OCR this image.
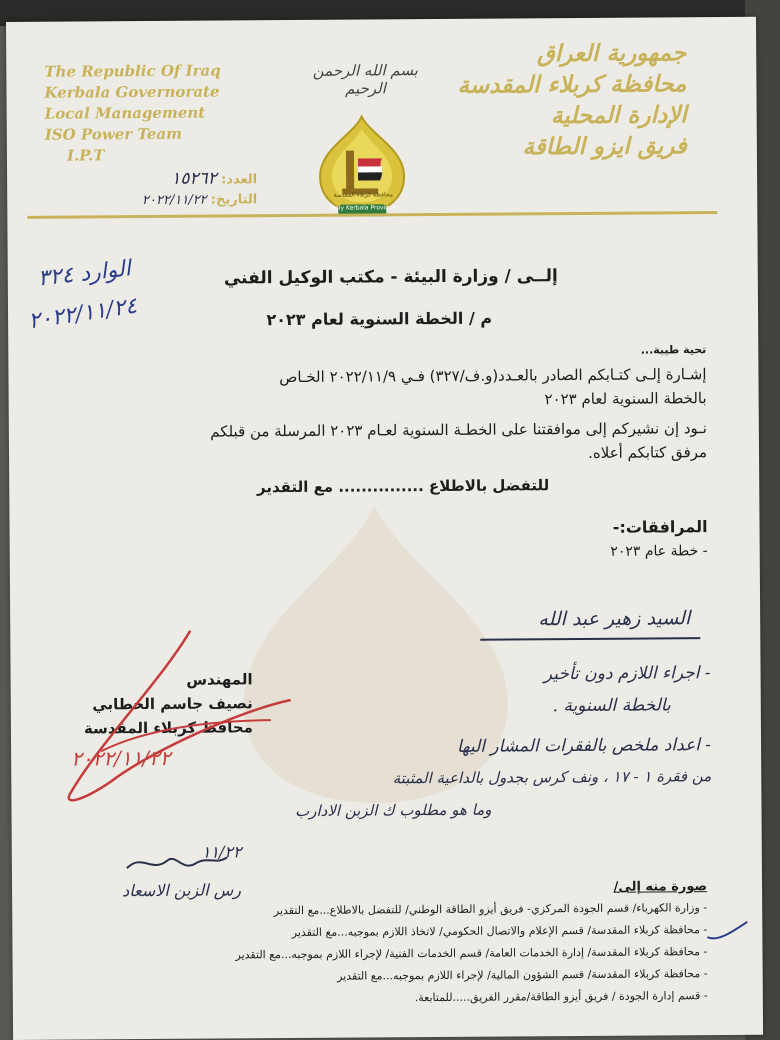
The Republic Of Iraq
Kerbala Governorate
Local Management
ISO Power Team
I.P.T
العدد: ١٥٢٦٢
التاريخ: ٢٠٢٢/١١/٢٢
بسم الله الرحمن الرحيم
Holy Kerbala Province
محافظة كربلاء المقدسة
جمهورية العراق
محافظة كربلاء المقدسة
الإدارة المحلية
فريق ايزو الطاقة
الوارد ٣٢٤
٢٠٢٢/١١/٢٤
إلــى / وزارة البيئة - مكتب الوكيل الفني
م / الخطة السنوية لعام ٢٠٢٣
تحية طيبة...
إشـارة إلـى كتـابكم الصادر بالعـدد(و.ف/٣٢٧) فـي ٢٠٢٢/١١/٩ الخـاص
بالخطة السنوية لعام ٢٠٢٣
نـود إن نشيركم إلى موافقتنا على الخطـة السنوية لعـام ٢٠٢٣ المرسلة من قبلكم
مرفق كتابكم أعلاه.
للتفضل بالاطلاع ............... مع التقدير
المرافقات:-
- خطة عام ٢٠٢٣
السيد زهير عبد الله
- اجراء اللازم دون تأخير
بالخطة السنوية .
- اعداد ملخص بالفقرات المشار اليها
من فقرة ١ - ١٧ ، ونف كرس بجدول بالداعية المثبتة
وما هو مطلوب ك الزبن الادارب
المهندس
نصيف جاسم الخطابي
محافظ كربلاء المقدسة
٢٠٢٢/١١/٢٢
١١/٢٢
رس الزبن الاسعاد	صورة منه إلى/
- وزارة الكهرباء/ قسم الجودة المركزي- فريق أيزو الطاقة الوطني/ للتفضل بالاطلاع...مع التقدير
- محافظة كربلاء المقدسة/ قسم الإعلام والاتصال الحكومي/ لاتخاذ اللازم بموجبه...مع التقدير
- محافظة كربلاء المقدسة/ إدارة الخدمات العامة/ قسم الخدمات الفنية/ لإجراء اللازم بموجبه...مع التقدير
- محافظة كربلاء المقدسة/ قسم الشؤون المالية/ لإجراء اللازم بموجبه...مع التقدير
- قسم إدارة الجودة / فريق أيزو الطاقة/مقرر الفريق.....للمتابعة.
